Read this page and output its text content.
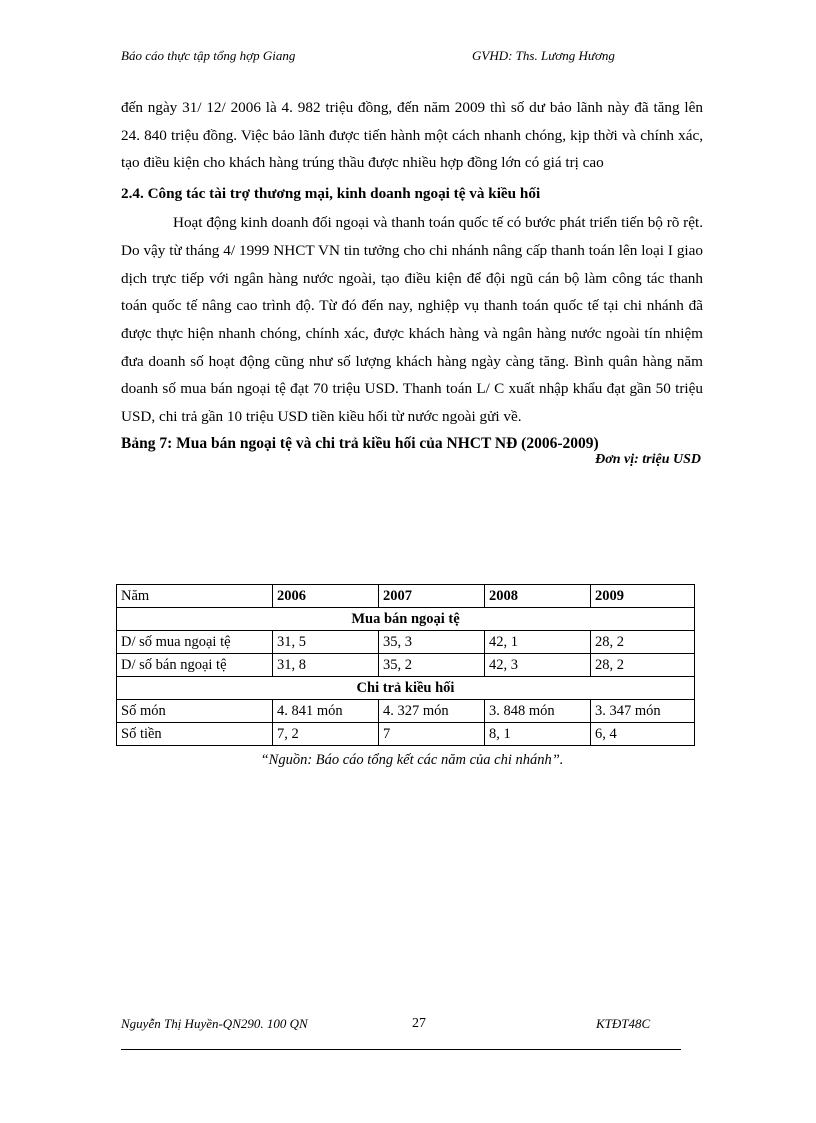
Báo cáo thực tập tổng hợp Giang	GVHD: Ths. Lương Hương

đến ngày 31/ 12/ 2006 là 4. 982 triệu đồng, đến năm 2009 thì số dư bảo lãnh này đã tăng lên 24. 840 triệu đồng. Việc bảo lãnh được tiến hành một cách nhanh chóng, kịp thời và chính xác, tạo điều kiện cho khách hàng trúng thầu được nhiều hợp đồng lớn có giá trị cao

2.4. Công tác tài trợ thương mại, kinh doanh ngoại tệ và kiều hối

Hoạt động kinh doanh đối ngoại và thanh toán quốc tế có bước phát triển tiến bộ rõ rệt. Do vậy từ tháng 4/ 1999 NHCT VN tin tưởng cho chi nhánh nâng cấp thanh toán lên loại I giao dịch trực tiếp với ngân hàng nước ngoài, tạo điều kiện để đội ngũ cán bộ làm công tác thanh toán quốc tế nâng cao trình độ. Từ đó đến nay, nghiệp vụ thanh toán quốc tế tại chi nhánh đã được thực hiện nhanh chóng, chính xác, được khách hàng và ngân hàng nước ngoài tín nhiệm đưa doanh số hoạt động cũng như số lượng khách hàng ngày càng tăng. Bình quân hàng năm doanh số mua bán ngoại tệ đạt 70 triệu USD. Thanh toán L/ C xuất nhập khẩu đạt gần 50 triệu USD, chi trả gần 10 triệu USD tiền kiều hối từ nước ngoài gửi về.

Bảng 7: Mua bán ngoại tệ và chi trả kiều hối của NHCT NĐ (2006-2009)
Đơn vị: triệu USD
Năm	2006	2007	2008	2009
Mua bán ngoại tệ				
D/ số mua ngoại tệ	31, 5	35, 3	42, 1	28, 2
D/ số bán ngoại tệ	31, 8	35, 2	42, 3	28, 2
Chi trả kiều hối				
Số món	4. 841 món	4. 327 món	3. 848 món	3. 347 món
Số tiền	7, 2	7	8, 1	6, 4
“Nguồn: Báo cáo tổng kết các năm của chi nhánh”.
Nguyễn Thị Huyền-QN290. 100 QN	27	KTĐT48C
